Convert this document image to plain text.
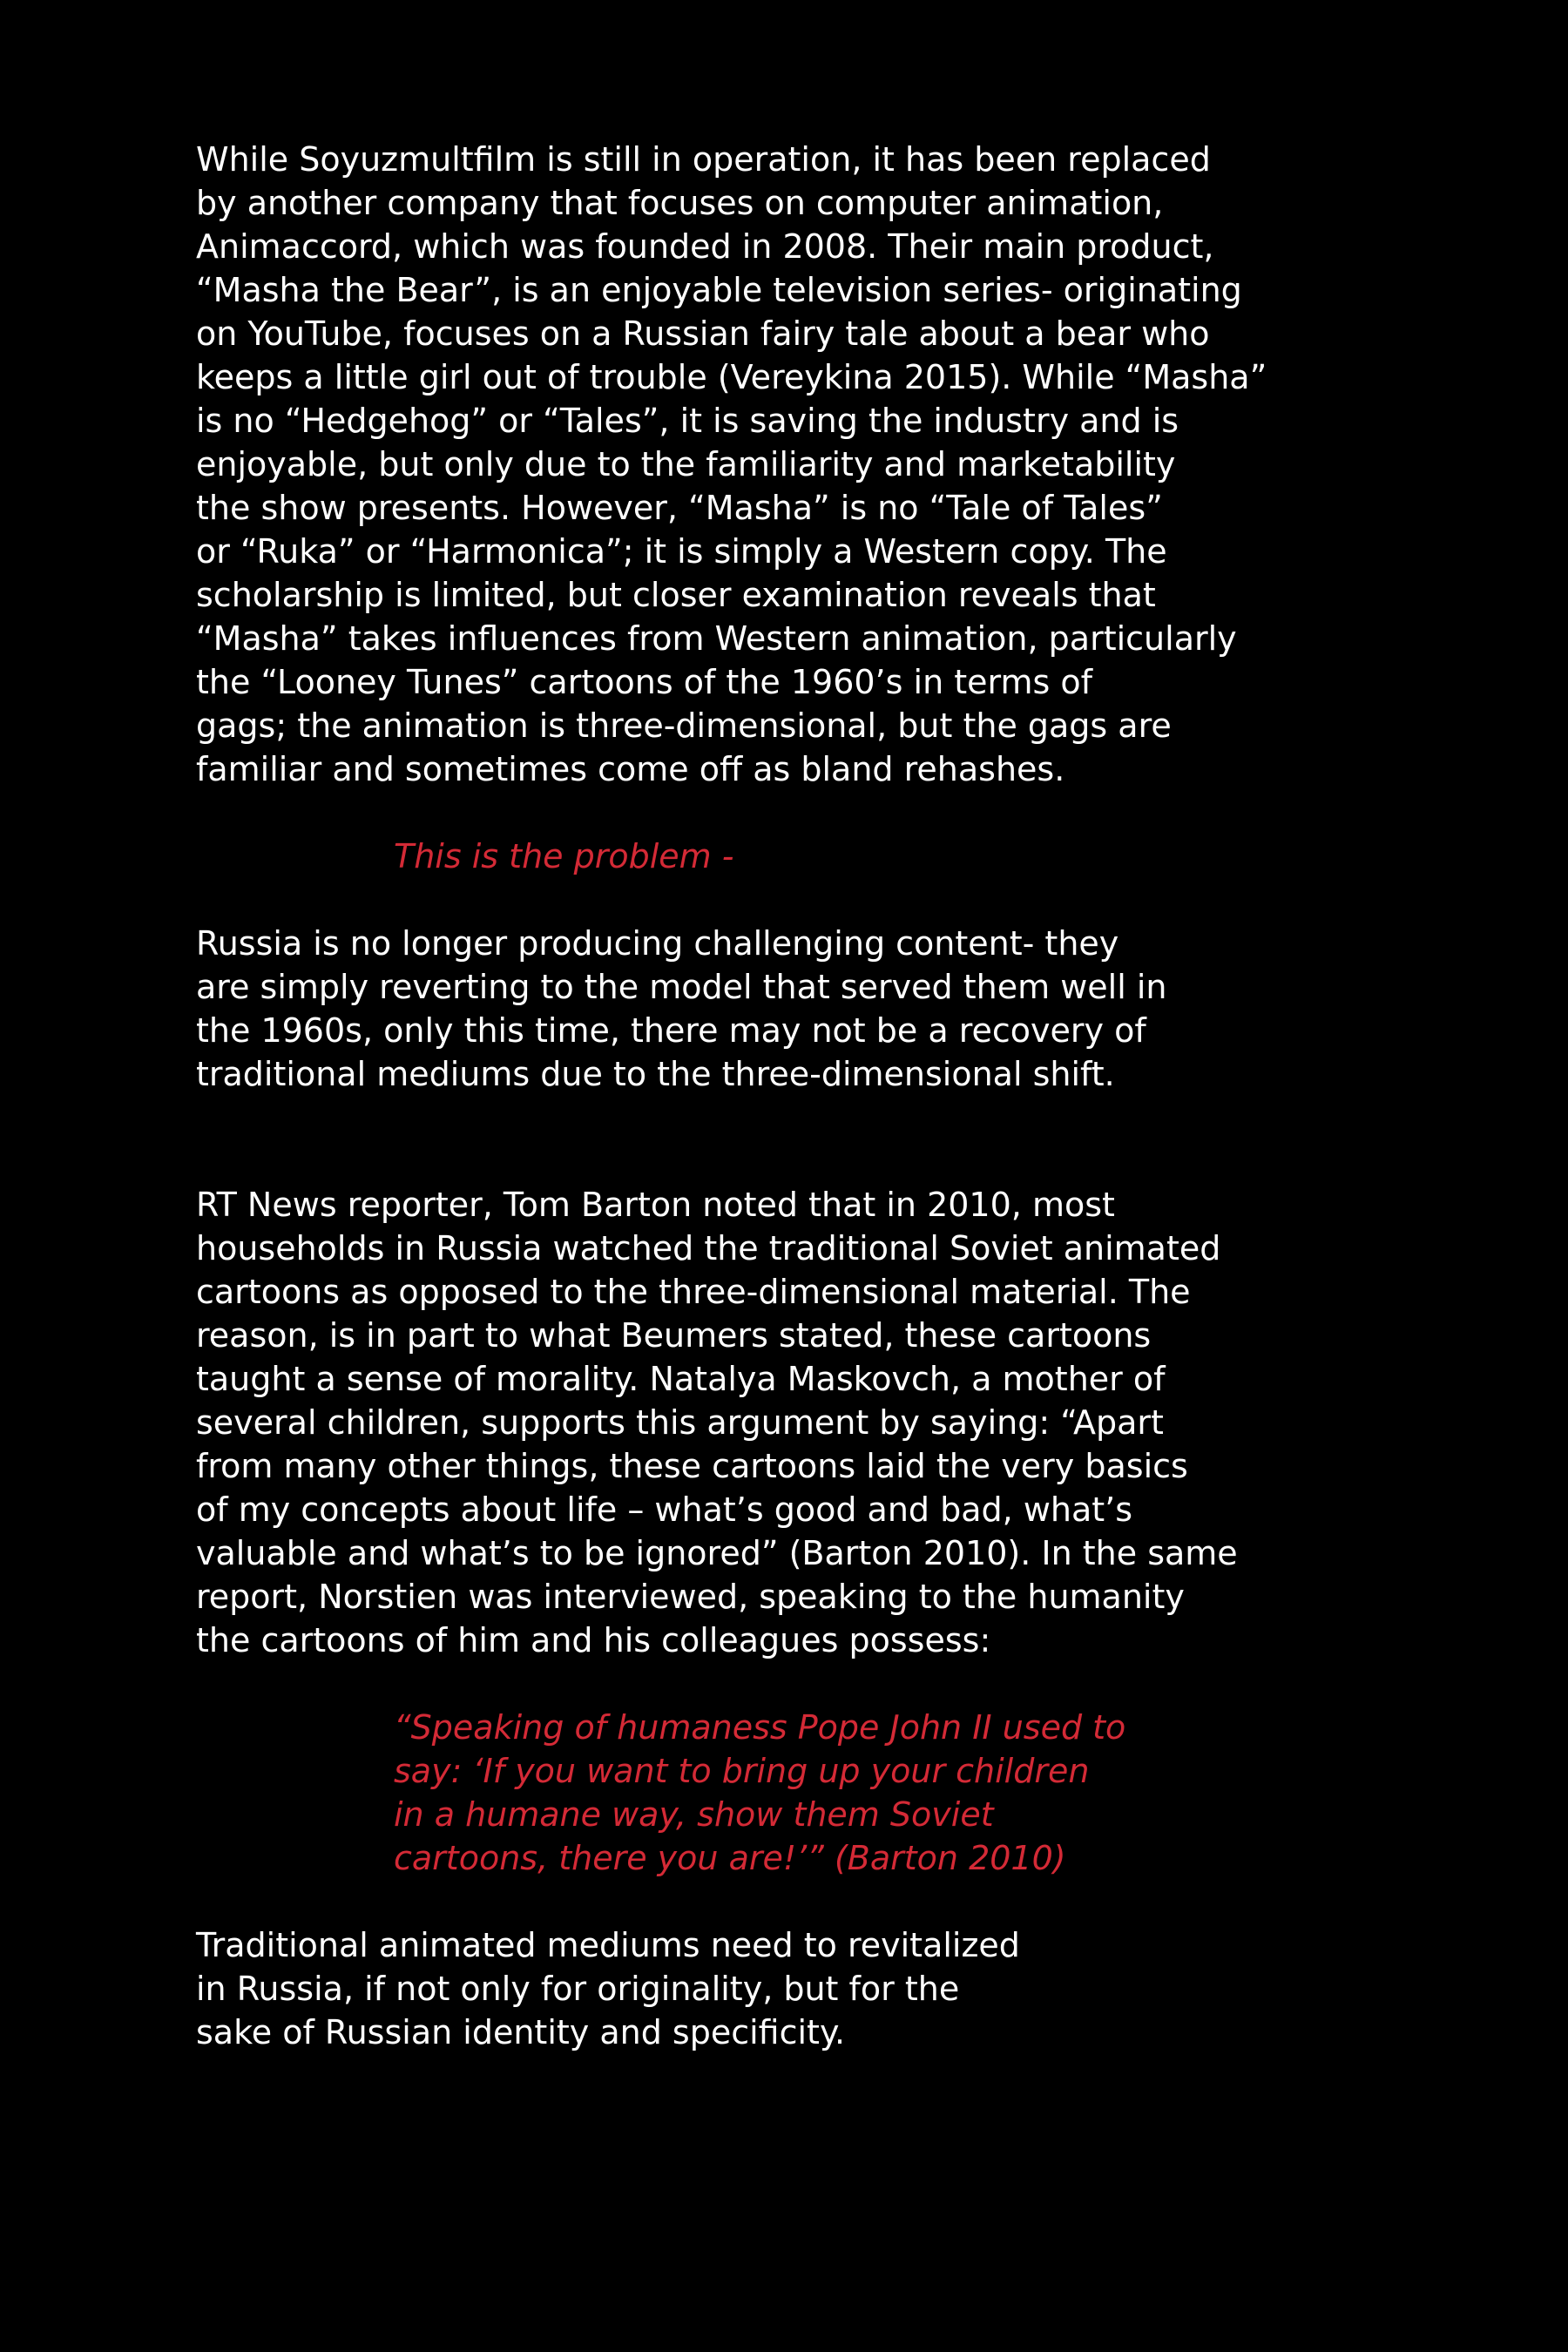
While Soyuzmultfilm is still in operation, it has been replaced
by another company that focuses on computer animation,
Animaccord, which was founded in 2008. Their main product,
“Masha the Bear”, is an enjoyable television series- originating
on YouTube, focuses on a Russian fairy tale about a bear who
keeps a little girl out of trouble (Vereykina 2015). While “Masha”
is no “Hedgehog” or “Tales”, it is saving the industry and is
enjoyable, but only due to the familiarity and marketability
the show presents. However, “Masha” is no “Tale of Tales”
or “Ruka” or “Harmonica”; it is simply a Western copy. The
scholarship is limited, but closer examination reveals that
“Masha” takes influences from Western animation, particularly
the “Looney Tunes” cartoons of the 1960’s in terms of
gags; the animation is three-dimensional, but the gags are
familiar and sometimes come off as bland rehashes.

This is the problem -

Russia is no longer producing challenging content- they
are simply reverting to the model that served them well in
the 1960s, only this time, there may not be a recovery of
traditional mediums due to the three-dimensional shift.

RT News reporter, Tom Barton noted that in 2010, most
households in Russia watched the traditional Soviet animated
cartoons as opposed to the three-dimensional material. The
reason, is in part to what Beumers stated, these cartoons
taught a sense of morality. Natalya Maskovch, a mother of
several children, supports this argument by saying: “Apart
from many other things, these cartoons laid the very basics
of my concepts about life – what’s good and bad, what’s
valuable and what’s to be ignored” (Barton 2010). In the same
report, Norstien was interviewed, speaking to the humanity
the cartoons of him and his colleagues possess:

“Speaking of humaness Pope John II used to
say: ‘If you want to bring up your children
in a humane way, show them Soviet
cartoons, there you are!’” (Barton 2010)

Traditional animated mediums need to revitalized
in Russia, if not only for originality, but for the
sake of Russian identity and specificity.
